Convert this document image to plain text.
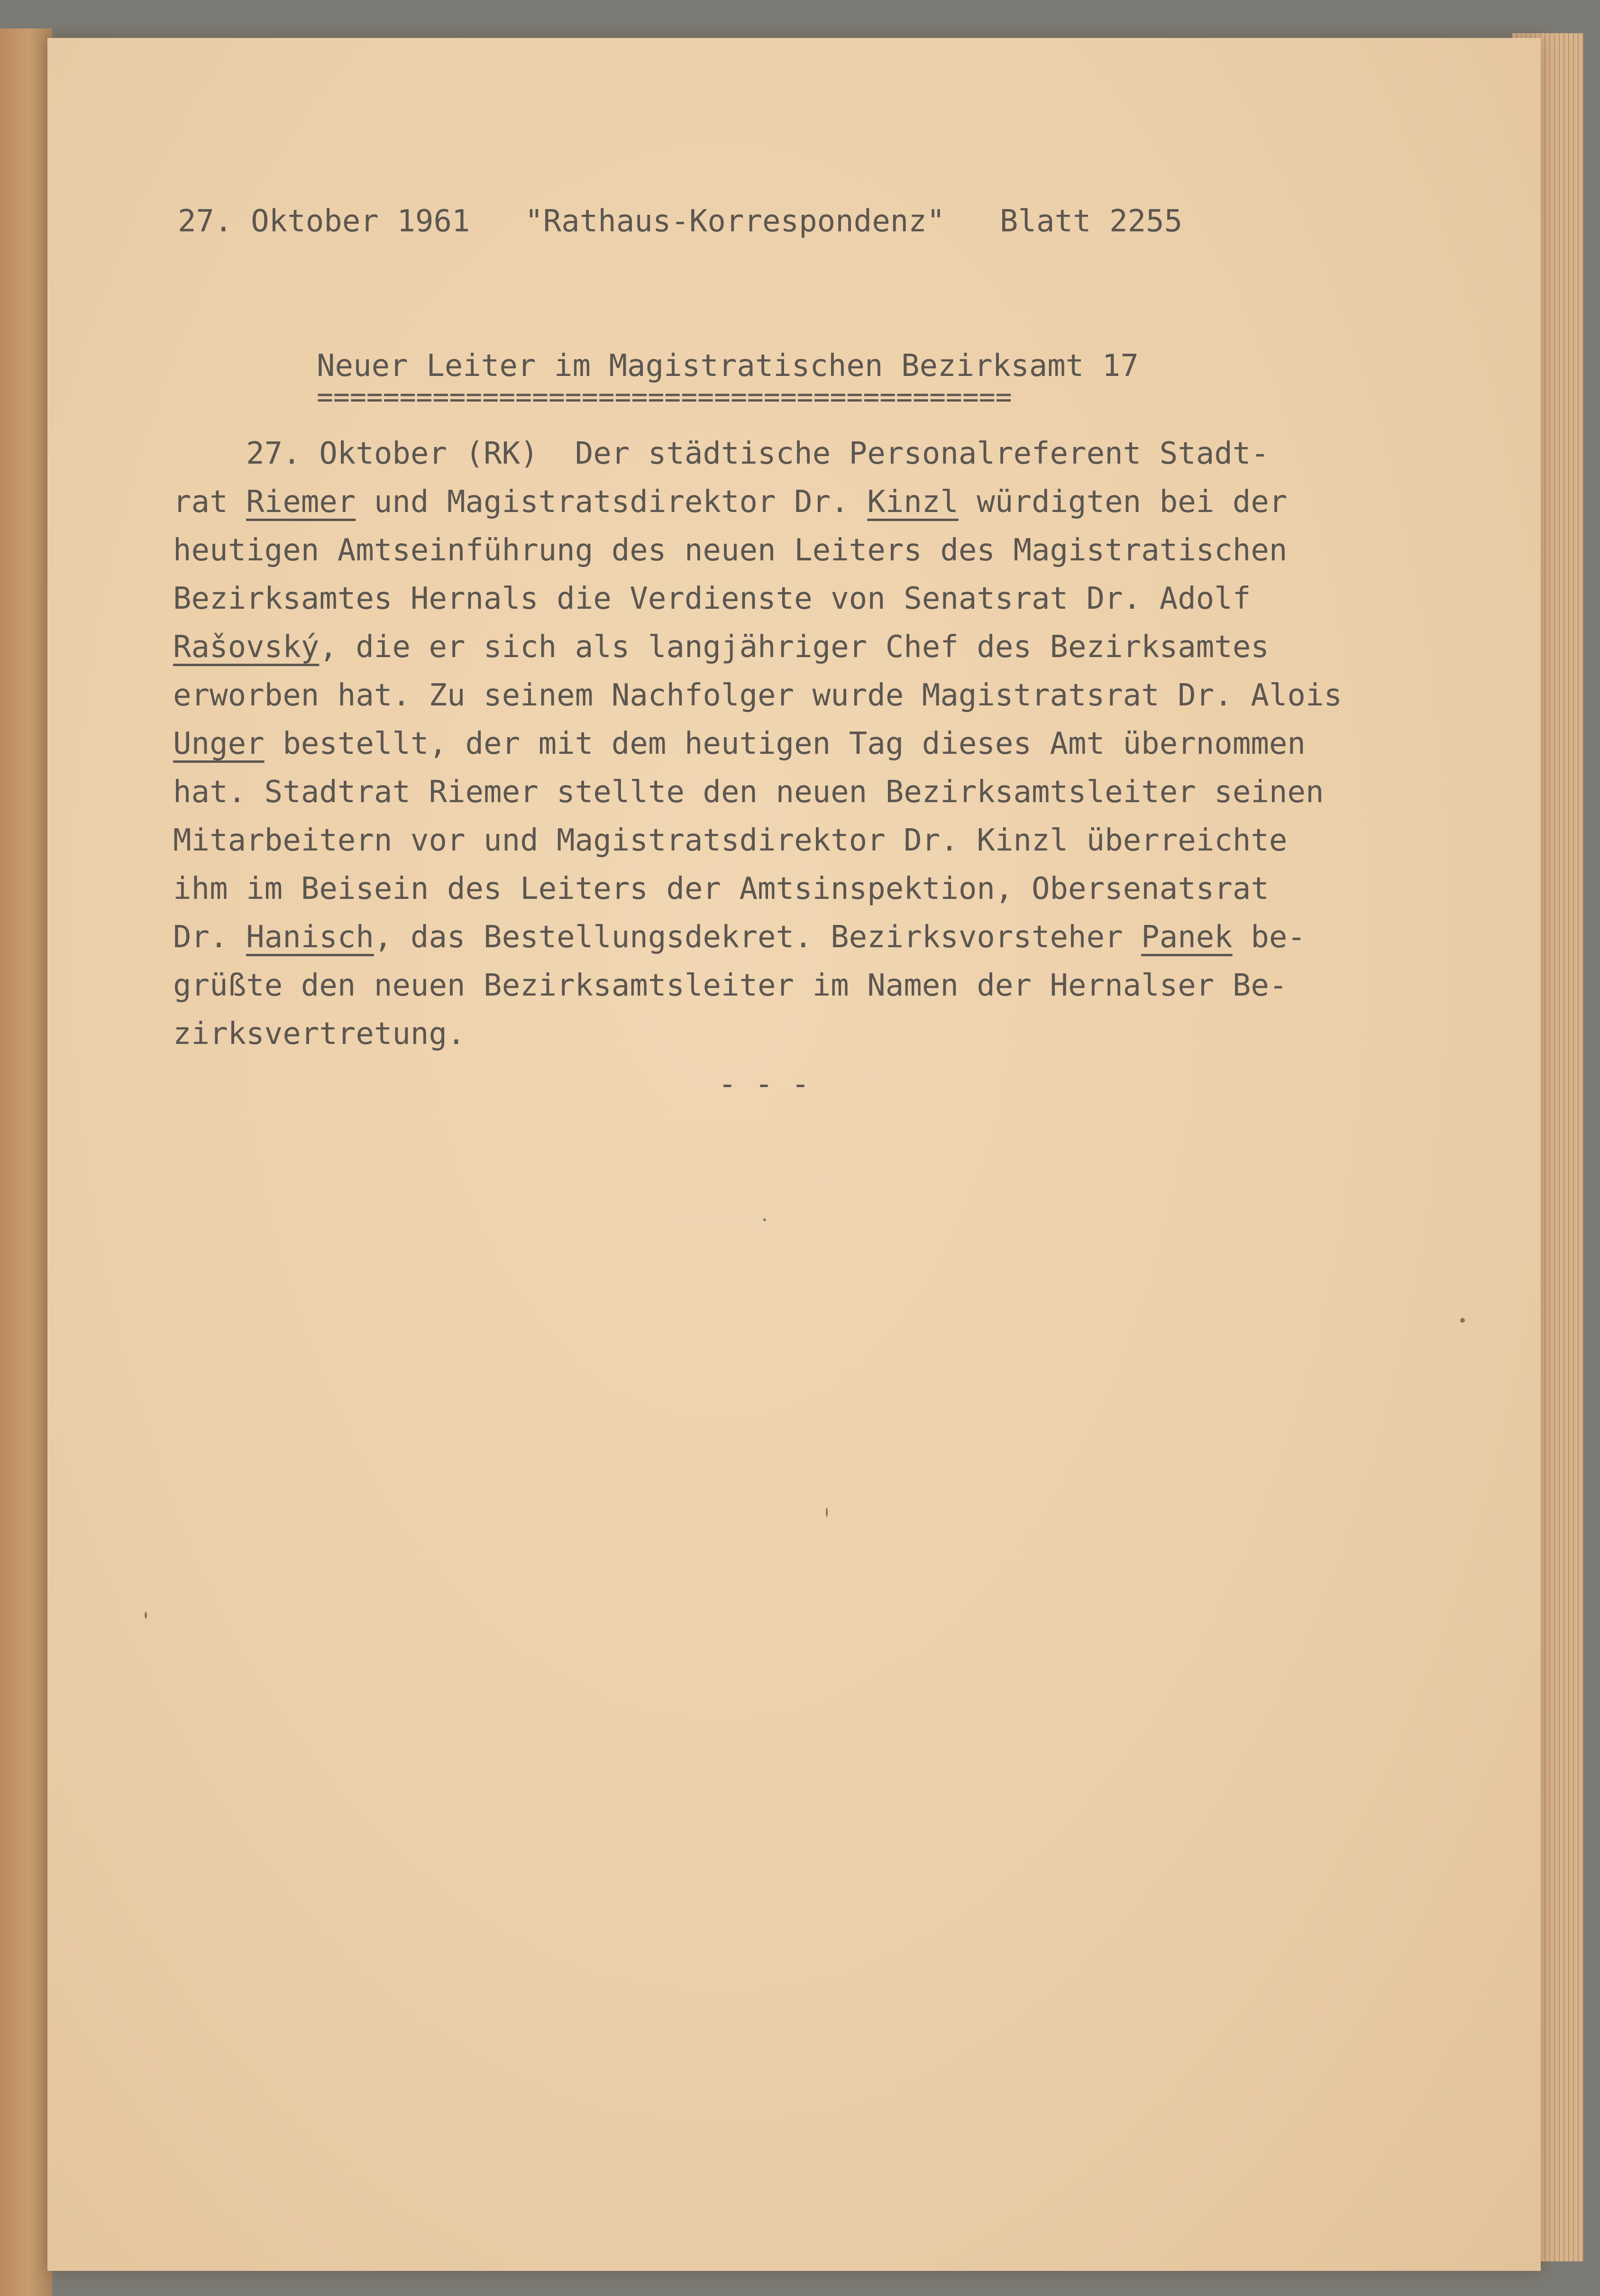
27. Oktober 1961 "Rathaus-Korrespondenz" Blatt 2255
Neuer Leiter im Magistratischen Bezirksamt 17
==========================================
27. Oktober (RK)  Der städtische Personalreferent Stadt-
rat Riemer und Magistratsdirektor Dr. Kinzl würdigten bei der
heutigen Amtseinführung des neuen Leiters des Magistratischen
Bezirksamtes Hernals die Verdienste von Senatsrat Dr. Adolf
Rašovský, die er sich als langjähriger Chef des Bezirksamtes
erworben hat. Zu seinem Nachfolger wurde Magistratsrat Dr. Alois
Unger bestellt, der mit dem heutigen Tag dieses Amt übernommen
hat. Stadtrat Riemer stellte den neuen Bezirksamtsleiter seinen
Mitarbeitern vor und Magistratsdirektor Dr. Kinzl überreichte
ihm im Beisein des Leiters der Amtsinspektion, Obersenatsrat
Dr. Hanisch, das Bestellungsdekret. Bezirksvorsteher Panek be-
grüßte den neuen Bezirksamtsleiter im Namen der Hernalser Be-
zirksvertretung.
- - -
